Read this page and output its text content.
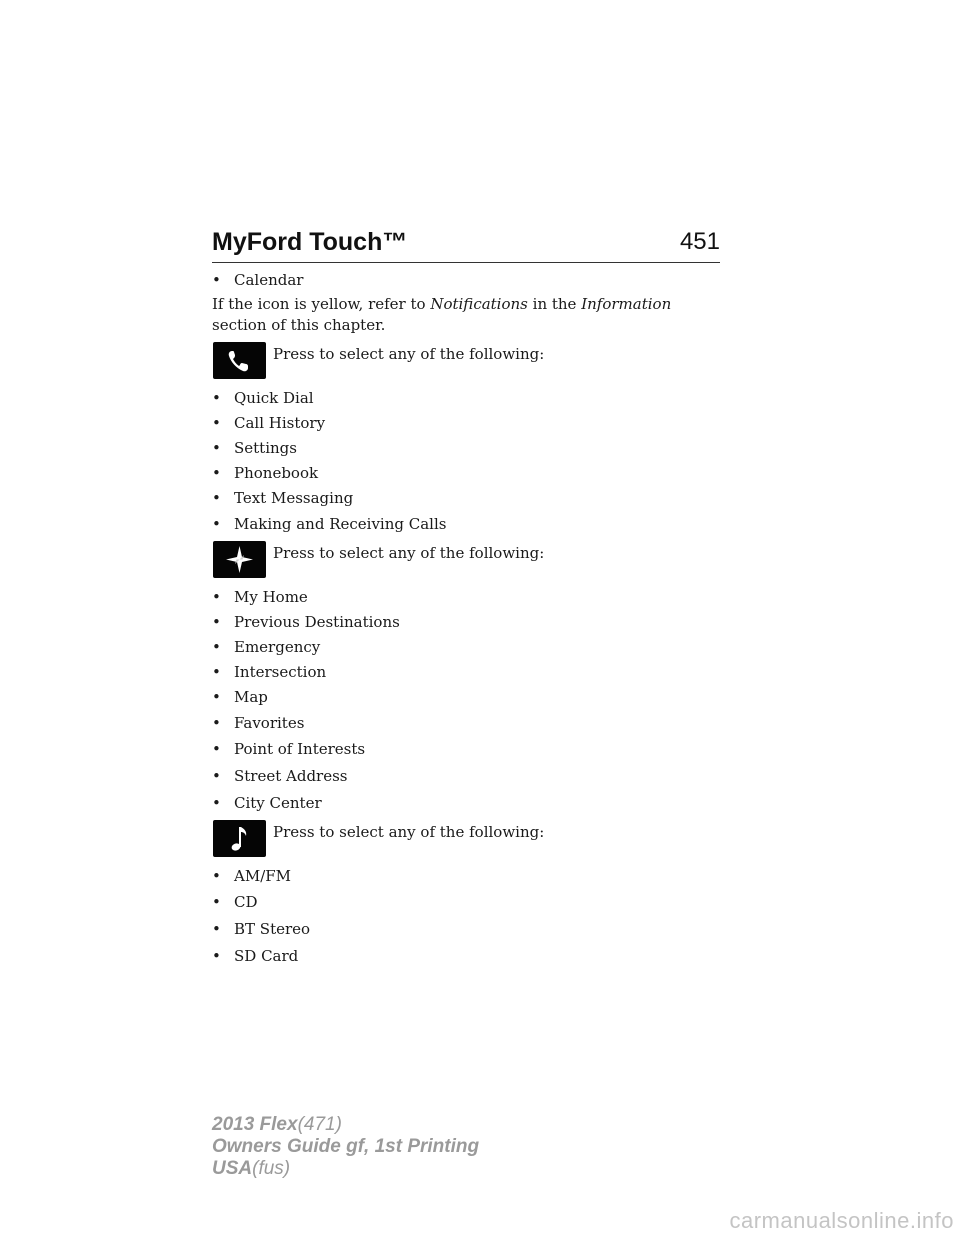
MyFord Touch™	451
• Calendar
If the icon is yellow, refer to Notifications in the Information section of this chapter.
Press to select any of the following:
• Quick Dial
• Call History
• Settings
• Phonebook
• Text Messaging
• Making and Receiving Calls
Press to select any of the following:
• My Home
• Previous Destinations
• Emergency
• Intersection
• Map
• Favorites
• Point of Interests
• Street Address
• City Center
Press to select any of the following:
• AM/FM
• CD
• BT Stereo
• SD Card
2013 Flex(471)
Owners Guide gf, 1st Printing
USA(fus)
carmanualsonline.info
